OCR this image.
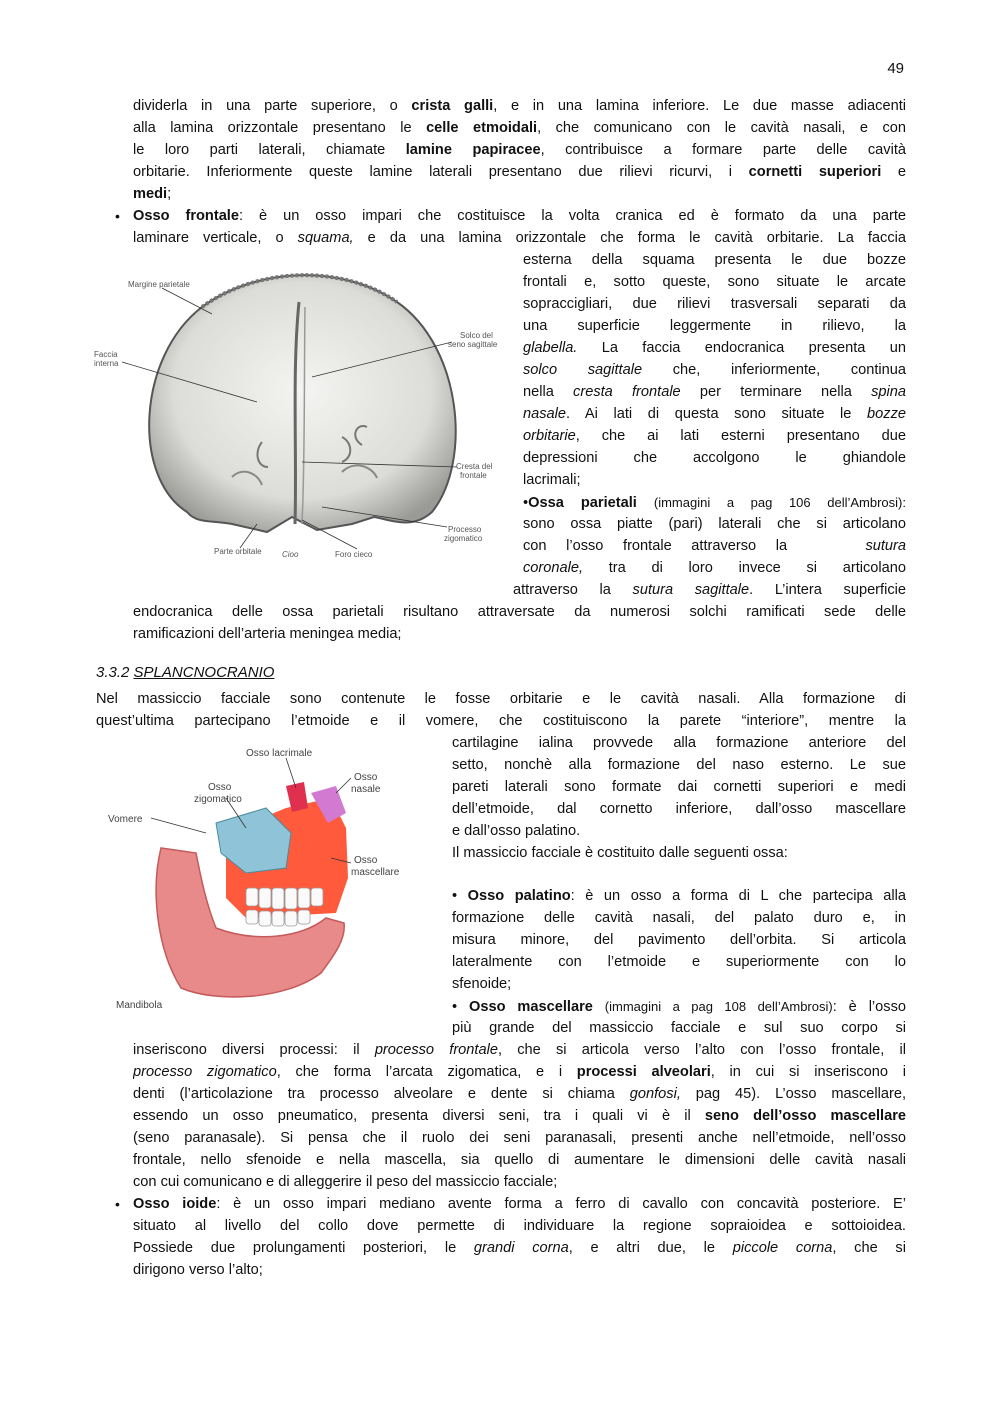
49
dividerla in una parte superiore, o crista galli, e in una lamina inferiore. Le due masse adiacenti
alla lamina orizzontale presentano le celle etmoidali, che comunicano con le cavità nasali, e con
le loro parti laterali, chiamate lamine papiracee, contribuisce a formare parte delle cavità
orbitarie. Inferiormente queste lamine laterali presentano due rilievi ricurvi, i cornetti superiori e
medi;
Osso frontale: è un osso impari che costituisce la volta cranica ed è formato da una parte
laminare verticale, o squama, e da una lamina orizzontale che forma le cavità orbitarie. La faccia
esterna della squama presenta le due bozze
frontali e, sotto queste, sono situate le arcate
sopraccigliari, due rilievi trasversali separati da
una superficie leggermente in rilievo, la
glabella. La faccia endocranica presenta un
solco sagittale che, inferiormente, continua
nella cresta frontale per terminare nella spina
nasale. Ai lati di questa sono situate le bozze
orbitarie, che ai lati esterni presentano due
depressioni che accolgono le ghiandole
lacrimali;
•Ossa parietali (immagini a pag 106 dell’Ambrosi):
sono ossa piatte (pari) laterali che si articolano
con l’osso frontale attraverso la    sutura
coronale, tra di loro invece si articolano
attraverso la sutura sagittale. L’intera superficie
endocranica delle ossa parietali risultano attraversate da numerosi solchi ramificati sede delle
ramificazioni dell’arteria meningea media;
Nel massiccio facciale sono contenute le fosse orbitarie e le cavità nasali. Alla formazione di
quest’ultima partecipano l’etmoide e il vomere, che costituiscono la parete “interiore”, mentre la
cartilagine ialina provvede alla formazione anteriore del
setto, nonchè alla formazione del naso esterno. Le sue
pareti laterali sono formate dai cornetti superiori e medi
dell’etmoide, dal cornetto inferiore, dall’osso mascellare
e dall’osso palatino.
Il massiccio facciale è costituito dalle seguenti ossa:
• Osso palatino: è un osso a forma di L che partecipa alla
formazione delle cavità nasali, del palato duro e, in
misura minore, del pavimento dell’orbita. Si articola
lateralmente con l’etmoide e superiormente con lo
sfenoide;
• Osso mascellare (immagini a pag 108 dell’Ambrosi): è l’osso
più grande del massiccio facciale e sul suo corpo si
inseriscono diversi processi: il processo frontale, che si articola verso l’alto con l’osso frontale, il
processo zigomatico, che forma l’arcata zigomatica, e i processi alveolari, in cui si inseriscono i
denti (l’articolazione tra processo alveolare e dente si chiama gonfosi, pag 45). L’osso mascellare,
essendo un osso pneumatico, presenta diversi seni, tra i quali vi è il seno dell’osso mascellare
(seno paranasale). Si pensa che il ruolo dei seni paranasali, presenti anche nell’etmoide, nell’osso
frontale, nello sfenoide e nella mascella, sia quello di aumentare le dimensioni delle cavità nasali
con cui comunicano e di alleggerire il peso del massiccio facciale;
Osso ioide: è un osso impari mediano avente forma a ferro di cavallo con concavità posteriore. E’
situato al livello del collo dove permette di individuare la regione sopraioidea e sottoioidea.
Possiede due prolungamenti posteriori, le grandi corna, e altri due, le piccole corna, che si
dirigono verso l’alto;
•
•
3.3.2 SPLANCNOCRANIO
Margine parietale
Faccia
interna
Solco del
seno sagittale
Cresta del
frontale
Processo
zigomatico
Parte orbitale	Cioo	Foro cieco
Osso lacrimale
Osso
zigomatico
Osso
nasale
Vomere
Osso
mascellare
Mandibola
